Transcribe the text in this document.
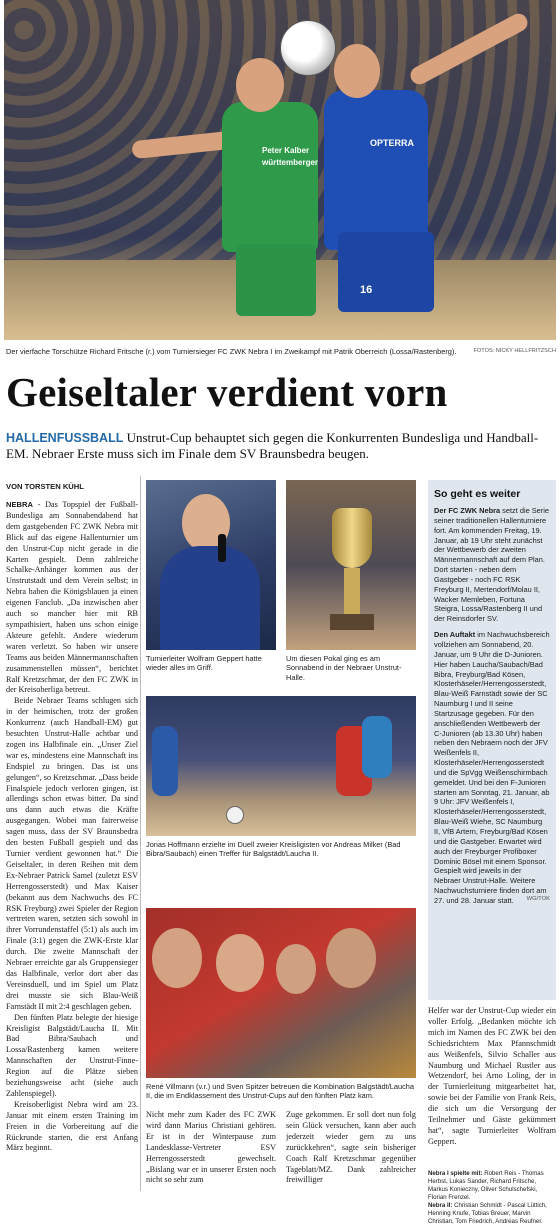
Peter Kalber
württemberger
OPTERRA
16
Der vierfache Torschütze Richard Fritsche (r.) vom Turniersieger FC ZWK Nebra I im Zweikampf mit Patrik Oberreich (Lossa/Rastenberg).	FOTOS: NICKY HELLFRITZSCH
Geiseltaler verdient vorn
HALLENFUSSBALL Unstrut-Cup behauptet sich gegen die Konkurrenten Bundesliga und Handball-EM. Nebraer Erste muss sich im Finale dem SV Braunsbedra beugen.
VON TORSTEN KÜHL

NEBRA - Das Topspiel der Fußball-Bundesliga am Sonnabendabend hat dem gastgebenden FC ZWK Nebra mit Blick auf das eigene Hallenturnier um den Unstrut-Cup nicht gerade in die Karten gespielt. Denn zahlreiche Schalke-Anhänger kommen aus der Unstrutstadt und dem Verein selbst; in Nebra haben die Königsblauen ja einen eigenen Fanclub. „Da inzwischen aber auch so mancher hier mit RB sympathisiert, haben uns schon einige Akteure gefehlt. Andere wiederum waren verletzt. So haben wir unsere Teams aus beiden Männermannschaften zusammenstellen müssen“, berichtet Ralf Kretzschmar, der den FC ZWK in der Kreisoberliga betreut.

Beide Nebraer Teams schlugen sich in der heimischen, trotz der großen Konkurrenz (auch Handball-EM) gut besuchten Unstrut-Halle achtbar und zogen ins Halbfinale ein. „Unser Ziel war es, mindestens eine Mannschaft ins Endspiel zu bringen. Das ist uns gelungen“, so Kretzschmar. „Dass beide Finalspiele jedoch verloren gingen, ist allerdings schon etwas bitter. Da sind uns dann auch etwas die Kräfte ausgegangen. Wobei man fairerweise sagen muss, dass der SV Braunsbedra den besten Fußball gespielt und das Turnier verdient gewonnen hat.“ Die Geiseltaler, in deren Reihen mit dem Ex-Nebraer Patrick Samel (zuletzt ESV Herrengosserstedt) und Max Kaiser (bekannt aus dem Nachwuchs des FC RSK Freyburg) zwei Spieler der Region vertreten waren, setzten sich sowohl in ihrer Vorrundenstaffel (5:1) als auch im Finale (3:1) gegen die ZWK-Erste klar durch. Die zweite Mannschaft der Nebraer erreichte gar als Gruppensieger das Halbfinale, verlor dort aber das Vereinsduell, und im Spiel um Platz drei musste sie sich Blau-Weiß Farnstädt II mit 2:4 geschlagen geben.

Den fünften Platz belegte der hiesige Kreisligist Balgstädt/Laucha II. Mit Bad Bibra/Saubach und Lossa/Rastenberg kamen weitere Mannschaften der Unstrut-Finne-Region auf die Plätze sieben beziehungsweise acht (siehe auch Zahlenspiegel).

Kreisoberligist Nebra wird am 23. Januar mit einem ersten Training im Freien in die Vorbereitung auf die Rückrunde starten, die erst Anfang März beginnt.

Turnierleiter Wolfram Geppert hatte wieder alles im Griff.
Um diesen Pokal ging es am Sonnabend in der Nebraer Unstrut-Halle.
Jonas Hoffmann erzielte im Duell zweier Kreisligisten vor Andreas Milker (Bad Bibra/Saubach) einen Treffer für Balgstädt/Laucha II.
René Villmann (v.r.) und Sven Spitzer betreuen die Kombination Balgstädt/Laucha II, die im Endklassement des Unstrut-Cups auf den fünften Platz kam.

Nicht mehr zum Kader des FC ZWK wird dann Marius Christiani gehören. Er ist in der Winterpause zum Landesklasse-Vertreter ESV Herrengosserstedt gewechselt. „Bislang war er in unserer Ersten noch nicht so sehr zum

Zuge gekommen. Er soll dort nun folg sein Glück versuchen, kann aber auch jederzeit wieder gern zu uns zurückkehren“, sagte sein bisheriger Coach Ralf Kretzschmar gegenüber Tageblatt/MZ. Dank zahlreicher freiwilliger

Helfer war der Unstrut-Cup wieder ein voller Erfolg. „Bedanken möchte ich mich im Namen des FC ZWK bei den Schiedsrichtern Max Pfannschmidt aus Weißenfels, Silvio Schaller aus Naumburg und Michael Rustler aus Wetzendorf, bei Arno Loling, der in der Turnierleitung mitgearbeitet hat, sowie bei der Familie von Frank Reis, die sich um die Versorgung der Teilnehmer und Gäste gekümmert hat“, sagte Turnierleiter Wolfram Geppert.

So geht es weiter

Der FC ZWK Nebra setzt die Serie seiner traditionellen Hallenturniere fort. Am kommenden Freitag, 19. Januar, ab 19 Uhr steht zunächst der Wettbewerb der zweiten Männermannschaft auf dem Plan. Dort starten - neben dem Gastgeber - noch FC RSK Freyburg II, Mertendorf/Molau II, Wacker Memleben, Fortuna Steigra, Lossa/Rastenberg II und der Reinsdorfer SV.

Den Auftakt im Nachwuchsbereich vollziehen am Sonnabend, 20. Januar, um 9 Uhr die D-Junioren. Hier haben Laucha/Saubach/Bad Bibra, Freyburg/Bad Kösen, Klosterhäseler/Herrengosserstedt, Blau-Weiß Farnstädt sowie der SC Naumburg I und II seine Startzusage gegeben. Für den anschließenden Wettbewerb der C-Junioren (ab 13.30 Uhr) haben neben den Nebraern noch der JFV Weißenfels II, Klosterhäseler/Herrengosserstedt und die SpVgg Weißenschirmbach gemeldet. Und bei den F-Junioren starten am Sonntag, 21. Januar, ab 9 Uhr: JFV Weißenfels I, Klosterhäseler/Herrengosserstedt, Blau-Weiß Wiehe, SC Naumburg II, VfB Artern, Freyburg/Bad Kösen und die Gastgeber. Erwartet wird auch der Freyburger Profiboxer Dominic Bösel mit einem Sponsor. Gespielt wird jeweils in der Nebraer Unstrut-Halle. Weitere Nachwuchsturniere finden dort am 27. und 28. Januar statt. WG/TOK

Nebra I spielte mit: Robert Reis - Thomas Herbst, Lukas Sander, Richard Fritsche, Markus Konieczny, Oliver Schulschefski, Florian Frenzel.
Nebra II: Christian Schmidt - Pascal Lüttich, Henning Knufe, Tobias Breuer, Marvin Christian, Tom Friedrich, Andreas Reufner.
